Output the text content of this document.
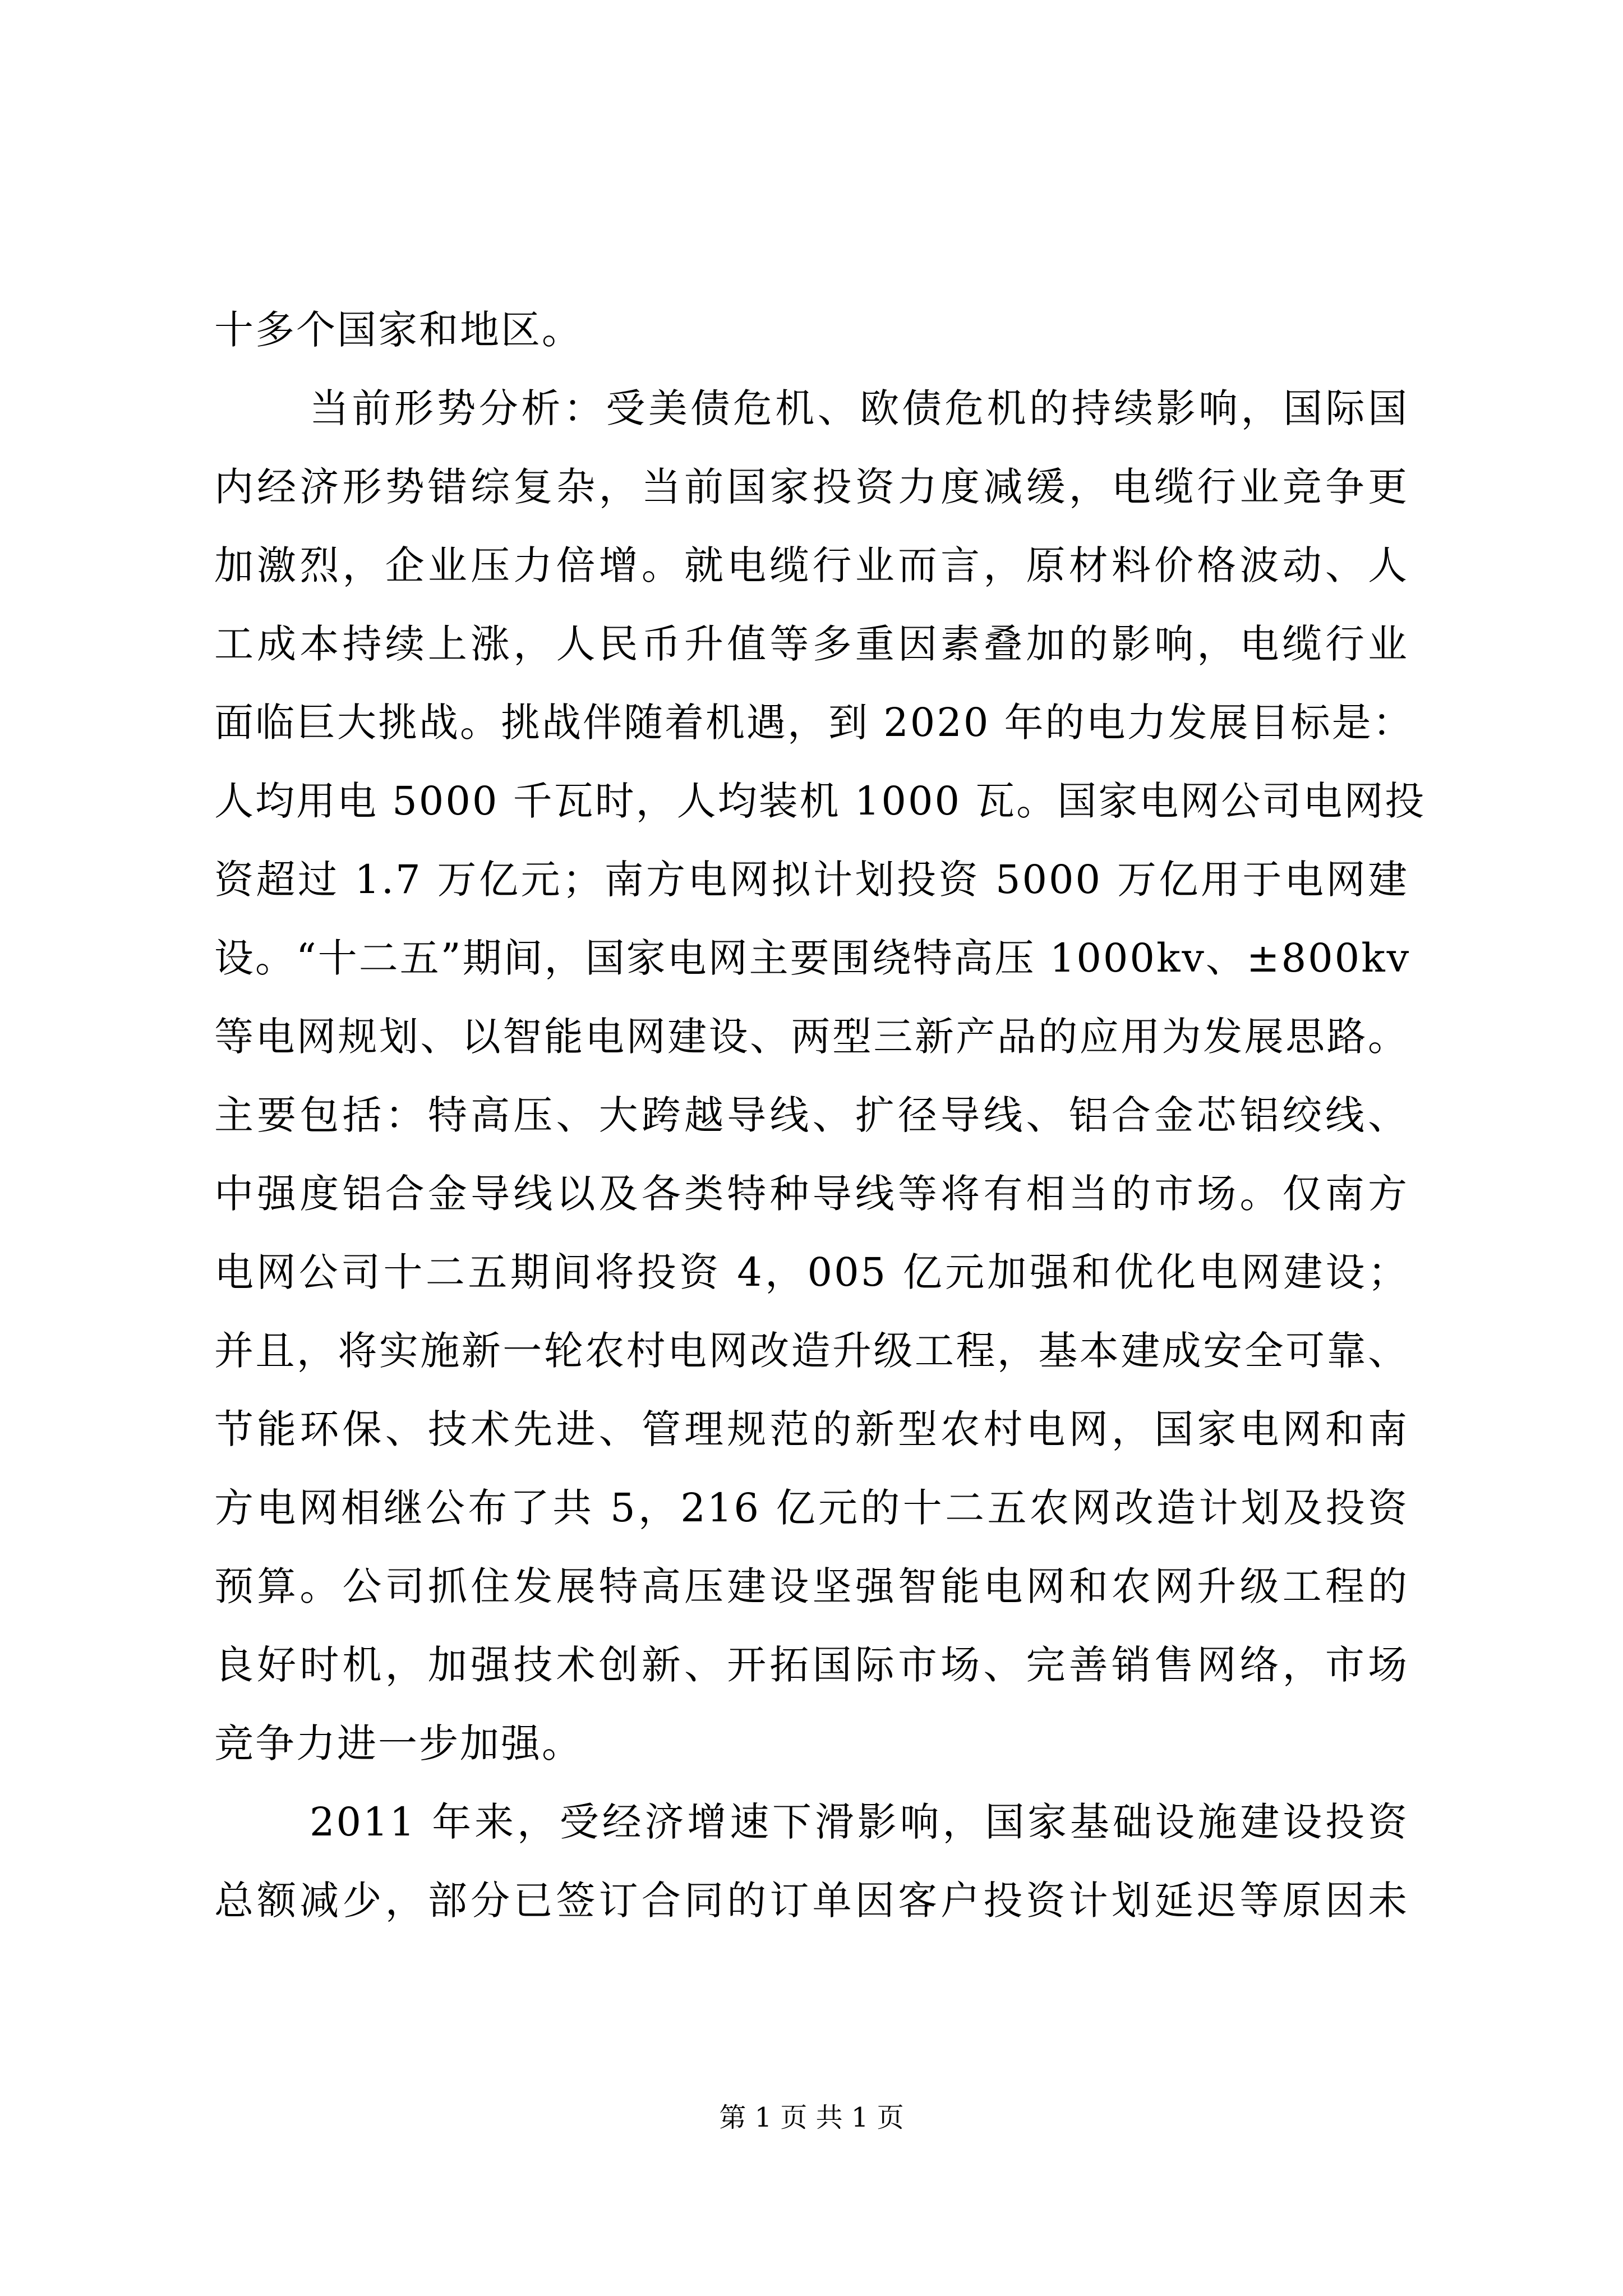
十多个国家和地区。
当前形势分析：受美债危机、欧债危机的持续影响，国际国
内经济形势错综复杂，当前国家投资力度减缓，电缆行业竞争更
加激烈，企业压力倍增。就电缆行业而言，原材料价格波动、人
工成本持续上涨，人民币升值等多重因素叠加的影响，电缆行业
面临巨大挑战。挑战伴随着机遇，到 2020 年的电力发展目标是：
人均用电 5000 千瓦时，人均装机 1000 瓦。国家电网公司电网投
资超过 1.7 万亿元；南方电网拟计划投资 5000 万亿用于电网建
设。“十二五”期间，国家电网主要围绕特高压 1000kv、±800kv
等电网规划、以智能电网建设、两型三新产品的应用为发展思路。
主要包括：特高压、大跨越导线、扩径导线、铝合金芯铝绞线、
中强度铝合金导线以及各类特种导线等将有相当的市场。仅南方
电网公司十二五期间将投资 4，005 亿元加强和优化电网建设；
并且，将实施新一轮农村电网改造升级工程，基本建成安全可靠、
节能环保、技术先进、管理规范的新型农村电网，国家电网和南
方电网相继公布了共 5，216 亿元的十二五农网改造计划及投资
预算。公司抓住发展特高压建设坚强智能电网和农网升级工程的
良好时机，加强技术创新、开拓国际市场、完善销售网络，市场
竞争力进一步加强。
2011 年来，受经济增速下滑影响，国家基础设施建设投资
总额减少，部分已签订合同的订单因客户投资计划延迟等原因未
第 1 页 共 1 页
